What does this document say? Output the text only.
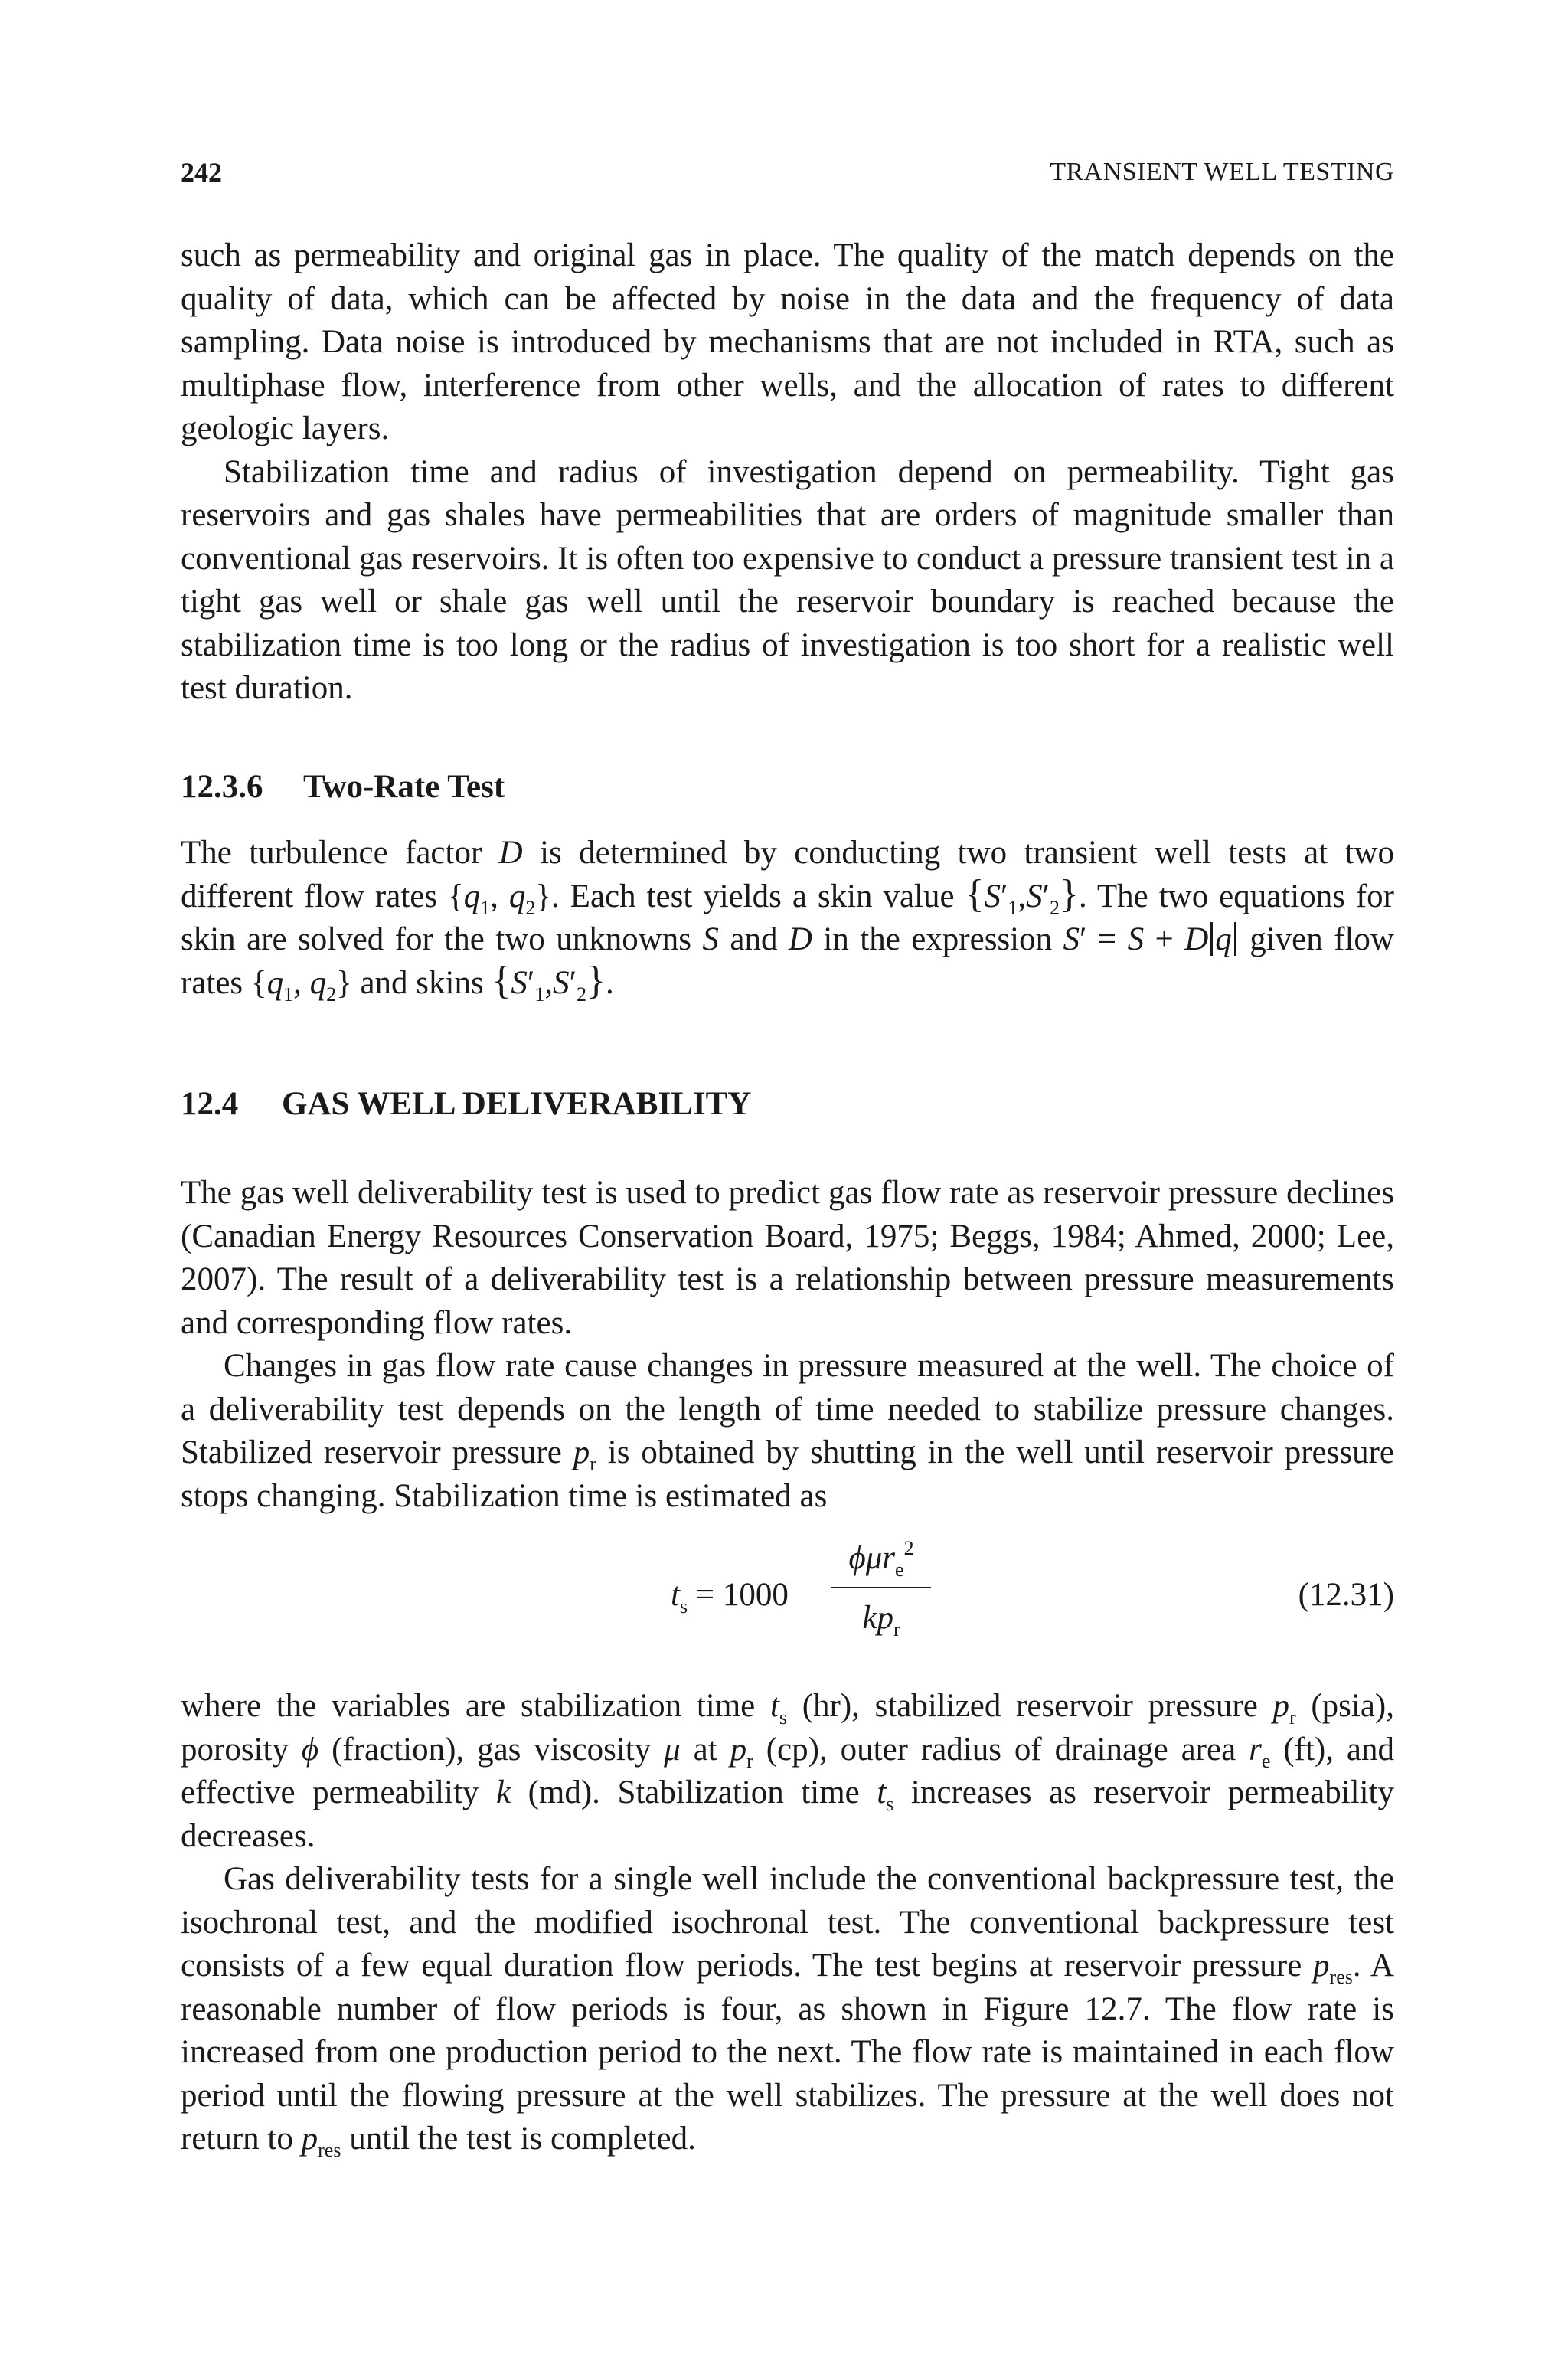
242	TRANSIENT WELL TESTING

such as permeability and original gas in place. The quality of the match depends on the quality of data, which can be affected by noise in the data and the frequency of data sampling. Data noise is introduced by mechanisms that are not included in RTA, such as multiphase flow, interference from other wells, and the allocation of rates to different geologic layers.

Stabilization time and radius of investigation depend on permeability. Tight gas reservoirs and gas shales have permeabilities that are orders of magnitude smaller than conventional gas reservoirs. It is often too expensive to conduct a pressure transient test in a tight gas well or shale gas well until the reservoir boundary is reached because the stabilization time is too long or the radius of investigation is too short for a realistic well test duration.

12.3.6 Two-Rate Test

The turbulence factor D is determined by conducting two transient well tests at two different flow rates {$q_1$, $q_2$}. Each test yields a skin value $\{S'_1,S'_2\}$. The two equations for skin are solved for the two unknowns S and D in the expression S′ = S + D q given flow rates {$q_1$, $q_2$} and skins $\{S'_1,S'_2\}$.

12.4 GAS WELL DELIVERABILITY

The gas well deliverability test is used to predict gas flow rate as reservoir pressure declines (Canadian Energy Resources Conservation Board, 1975; Beggs, 1984; Ahmed, 2000; Lee, 2007). The result of a deliverability test is a relationship between pressure measurements and corresponding flow rates.

Changes in gas flow rate cause changes in pressure measured at the well. The choice of a deliverability test depends on the length of time needed to stabilize pressure changes. Stabilized reservoir pressure $p_r$ is obtained by shutting in the well until reservoir pressure stops changing. Stabilization time is estimated as

$t_s = 1000$
ϕμr$_e^2$
$kp_r$
(12.31)

where the variables are stabilization time $t_s$ (hr), stabilized reservoir pressure $p_r$ (psia), porosity ϕ (fraction), gas viscosity μ at $p_r$ (cp), outer radius of drainage area $r_e$ (ft), and effective permeability k (md). Stabilization time $t_s$ increases as reservoir permeability decreases.

Gas deliverability tests for a single well include the conventional backpressure test, the isochronal test, and the modified isochronal test. The conventional backpressure test consists of a few equal duration flow periods. The test begins at reservoir pressure $p_{res}$. A reasonable number of flow periods is four, as shown in Figure 12.7. The flow rate is increased from one production period to the next. The flow rate is maintained in each flow period until the flowing pressure at the well stabilizes. The pressure at the well does not return to $p_{res}$ until the test is completed.
